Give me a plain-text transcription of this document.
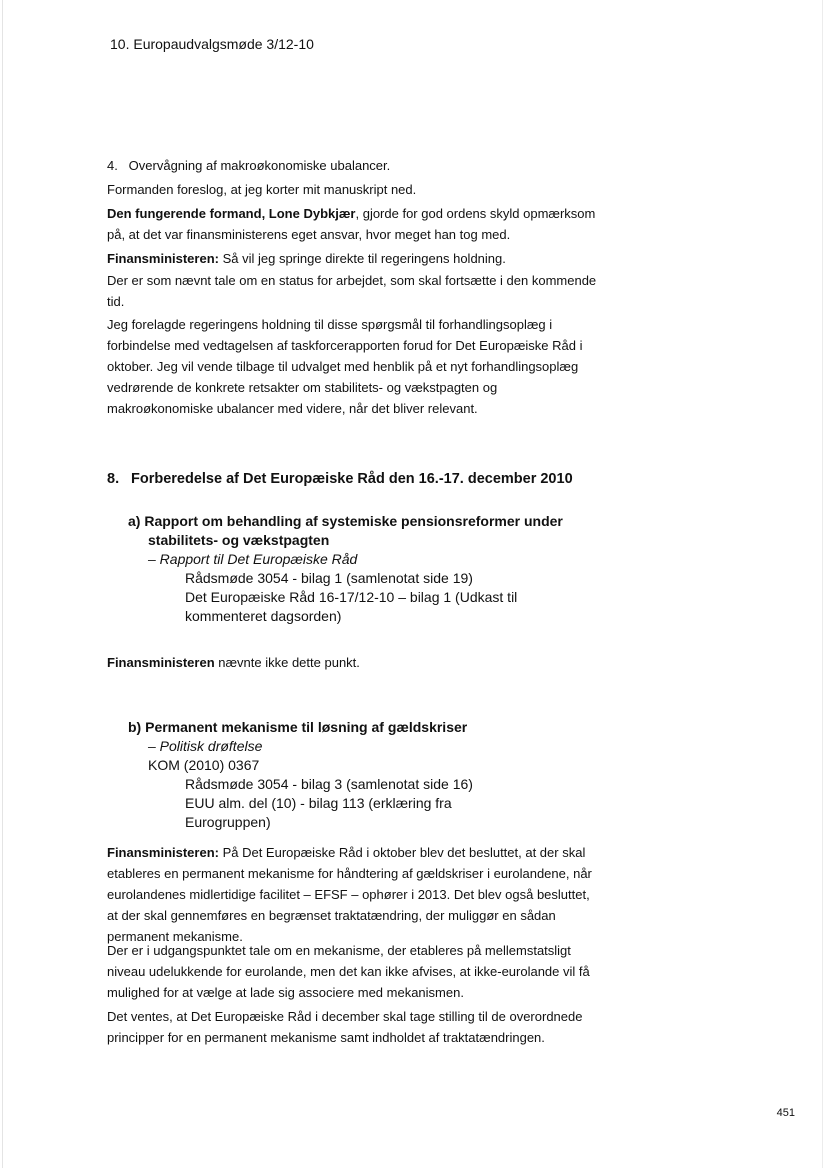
10. Europaudvalgsmøde 3/12-10

4.   Overvågning af makroøkonomiske ubalancer.

Formanden foreslog, at jeg korter mit manuskript ned.

Den fungerende formand, Lone Dybkjær, gjorde for god ordens skyld opmærksom på, at det var finansministerens eget ansvar, hvor meget han tog med.

Finansministeren: Så vil jeg springe direkte til regeringens holdning.

Der er som nævnt tale om en status for arbejdet, som skal fortsætte i den kommende tid.

Jeg forelagde regeringens holdning til disse spørgsmål til forhandlingsoplæg i forbindelse med vedtagelsen af taskforcerapporten forud for Det Europæiske Råd i oktober. Jeg vil vende tilbage til udvalget med henblik på et nyt forhandlingsoplæg vedrørende de konkrete retsakter om stabilitets- og vækstpagten og makroøkonomiske ubalancer med videre, når det bliver relevant.

8. Forberedelse af Det Europæiske Råd den 16.-17. december 2010
a) Rapport om behandling af systemiske pensionsreformer under stabilitets- og vækstpagten
– Rapport til Det Europæiske Råd
Rådsmøde 3054 - bilag 1 (samlenotat side 19)
Det Europæiske Råd 16-17/12-10 – bilag 1 (Udkast til kommenteret dagsorden)

Finansministeren nævnte ikke dette punkt.

b) Permanent mekanisme til løsning af gældskriser
– Politisk drøftelse
KOM (2010) 0367
Rådsmøde 3054 - bilag 3 (samlenotat side 16)
EUU alm. del (10) - bilag 113 (erklæring fra Eurogruppen)

Finansministeren: På Det Europæiske Råd i oktober blev det besluttet, at der skal etableres en permanent mekanisme for håndtering af gældskriser i eurolandene, når eurolandenes midlertidige facilitet – EFSF – ophører i 2013. Det blev også besluttet, at der skal gennemføres en begrænset traktatændring, der muliggør en sådan permanent mekanisme.

Der er i udgangspunktet tale om en mekanisme, der etableres på mellemstatsligt niveau udelukkende for eurolande, men det kan ikke afvises, at ikke-eurolande vil få mulighed for at vælge at lade sig associere med mekanismen.

Det ventes, at Det Europæiske Råd i december skal tage stilling til de overordnede principper for en permanent mekanisme samt indholdet af traktatændringen.

451
